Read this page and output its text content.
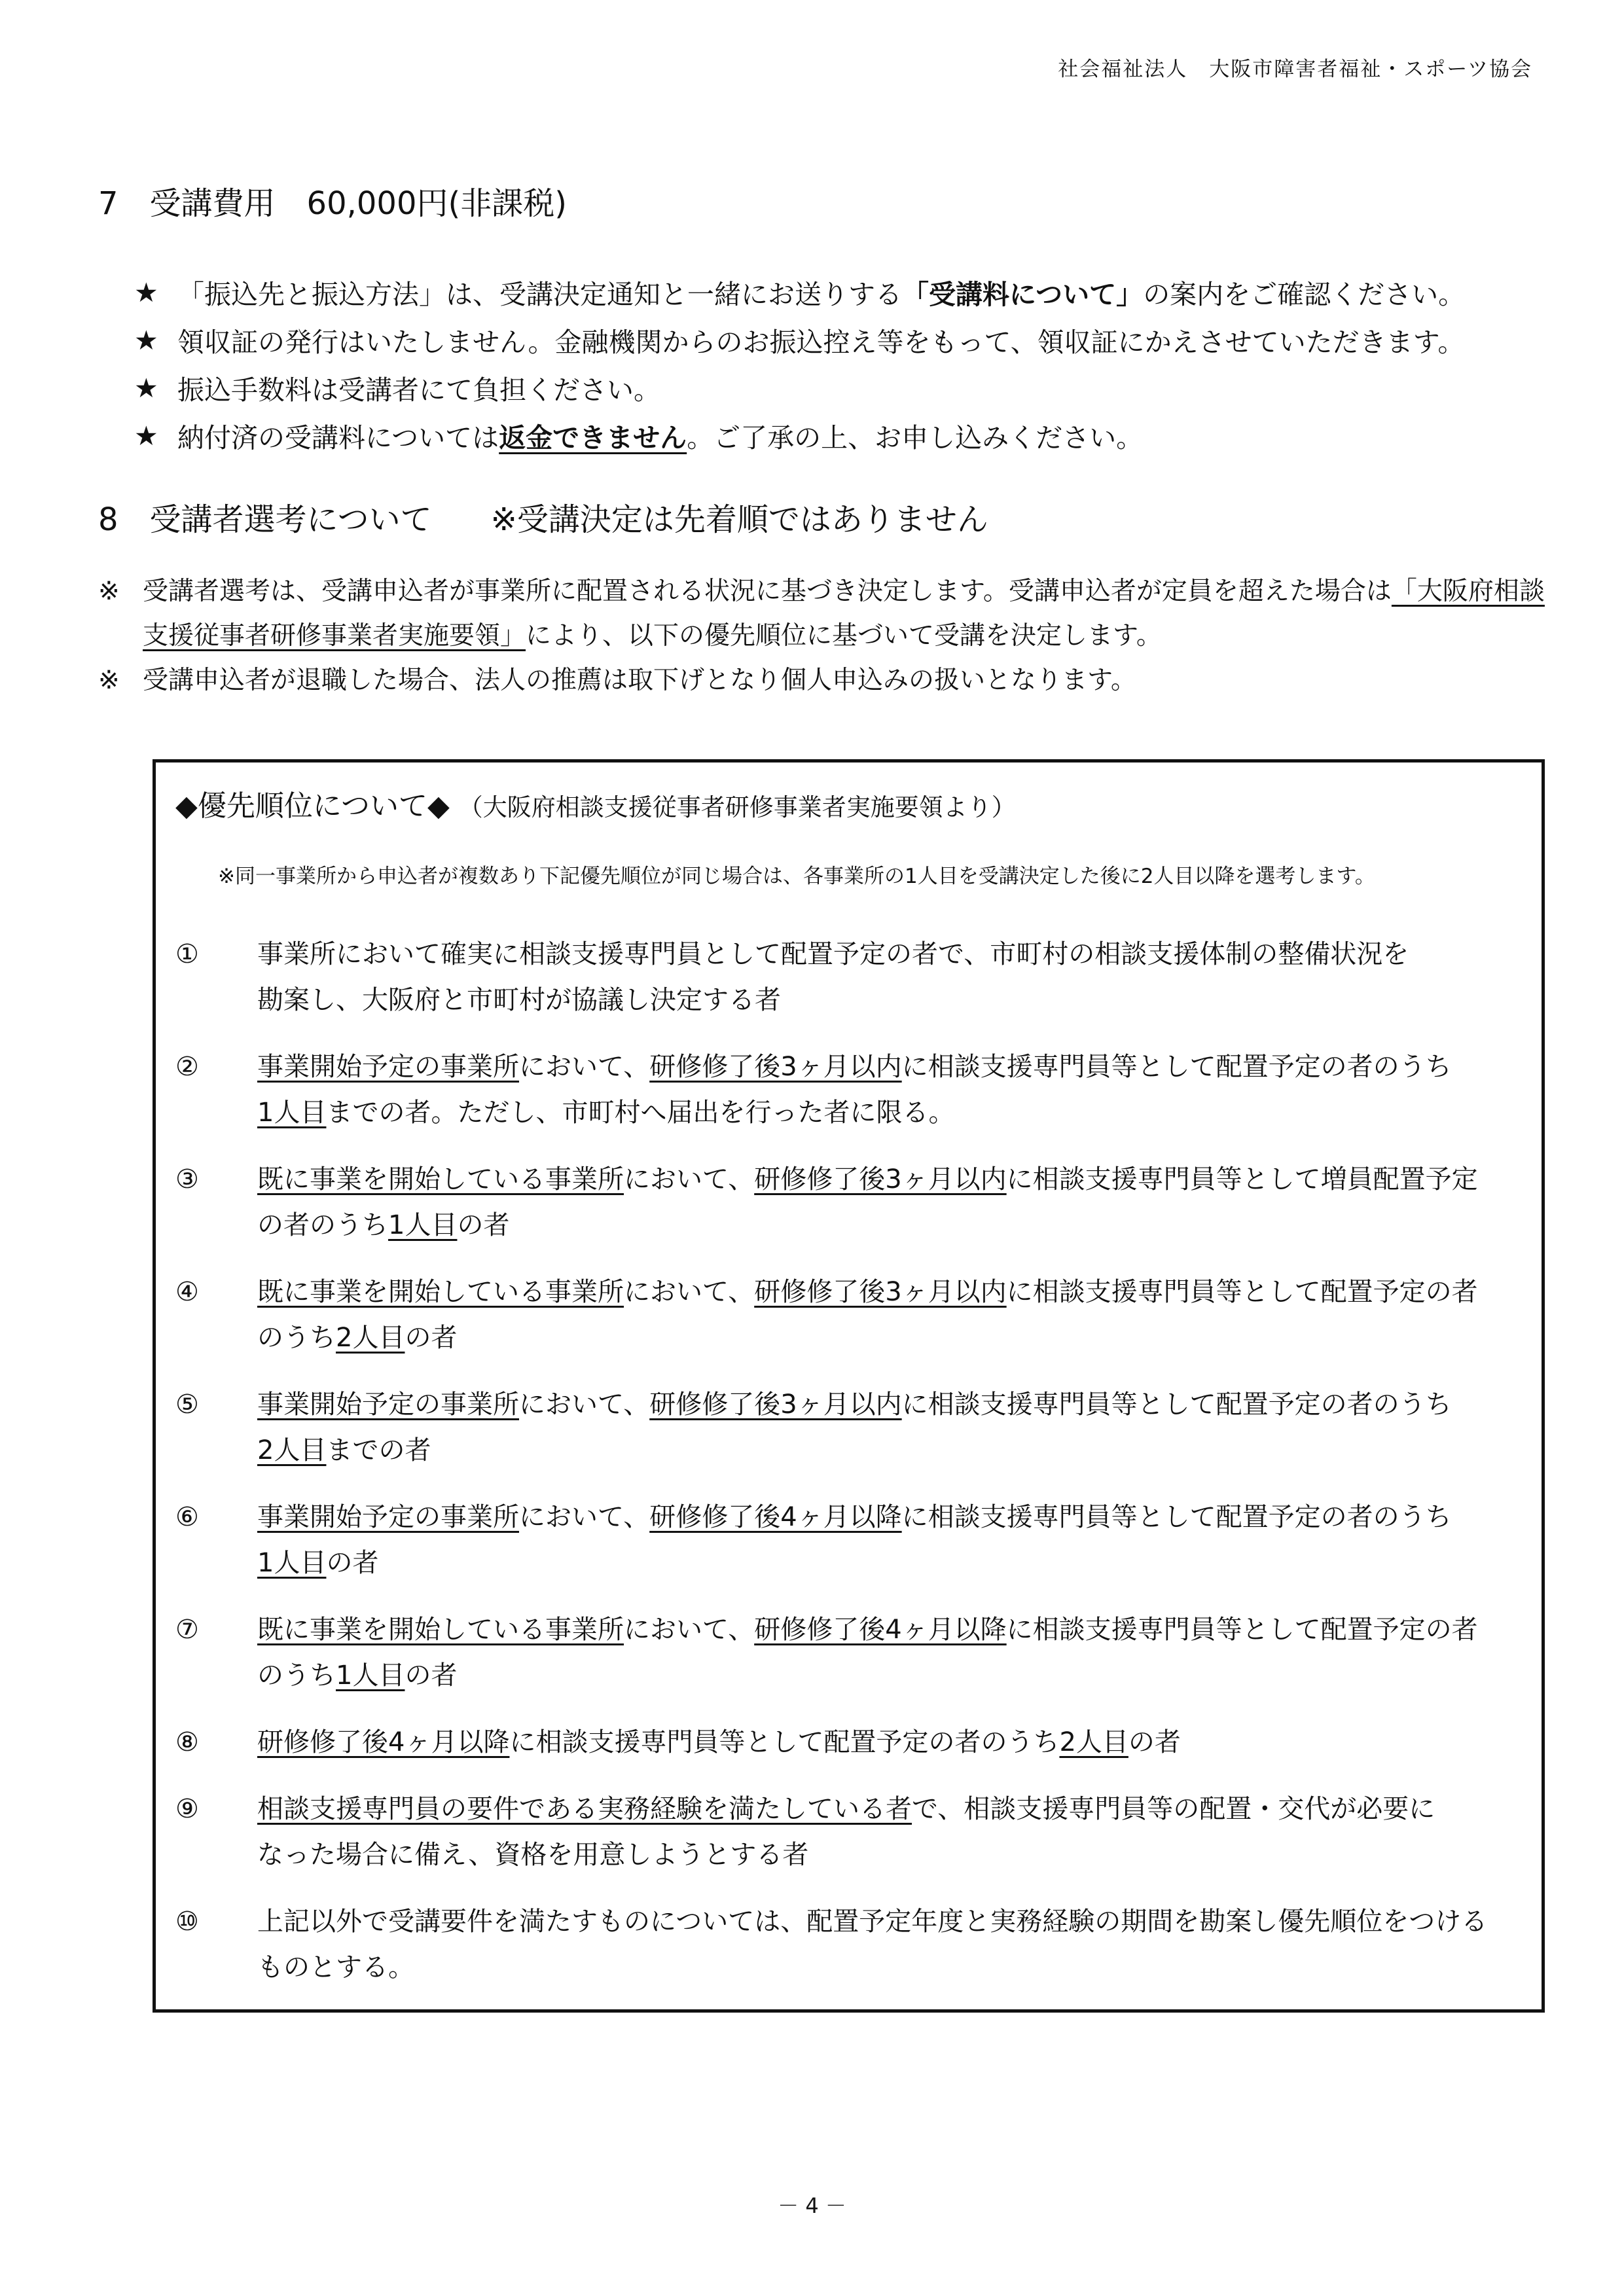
社会福祉法人　大阪市障害者福祉・スポーツ協会
7　受講費用　60,000円(非課税)
★ 「振込先と振込方法」は、受講決定通知と一緒にお送りする 「受講料について」 の案内をご確認ください。
★ 領収証の発行はいたしません。金融機関からのお振込控え等をもって、領収証にかえさせていただきます。
★ 振込手数料は受講者にて負担ください。
★ 納付済の受講料については 返金できません 。ご了承の上、お申し込みください。
8　受講者選考について ※受講決定は先着順ではありません
※ 受講者選考は、受講申込者が事業所に配置される状況に基づき決定します。受講申込者が定員を超えた場合は「大阪府相談
支援従事者研修事業者実施要領」により、以下の優先順位に基づいて受講を決定します。
※ 受講申込者が退職した場合、法人の推薦は取下げとなり個人申込みの扱いとなります。
◆優先順位について◆ （大阪府相談支援従事者研修事業者実施要領より）
※同一事業所から申込者が複数あり下記優先順位が同じ場合は、各事業所の1人目を受講決定した後に2人目以降を選考します。
①	事業所において確実に相談支援専門員として配置予定の者で、市町村の相談支援体制の整備状況を
勘案し、大阪府と市町村が協議し決定する者
②	事業開始予定の事業所において、研修修了後3ヶ月以内に相談支援専門員等として配置予定の者のうち
1人目までの者。ただし、市町村へ届出を行った者に限る。
③	既に事業を開始している事業所において、研修修了後3ヶ月以内に相談支援専門員等として増員配置予定
の者のうち1人目の者
④	既に事業を開始している事業所において、研修修了後3ヶ月以内に相談支援専門員等として配置予定の者
のうち2人目の者
⑤	事業開始予定の事業所において、研修修了後3ヶ月以内に相談支援専門員等として配置予定の者のうち
2人目までの者
⑥	事業開始予定の事業所において、研修修了後4ヶ月以降に相談支援専門員等として配置予定の者のうち
1人目の者
⑦	既に事業を開始している事業所において、研修修了後4ヶ月以降に相談支援専門員等として配置予定の者
のうち1人目の者
⑧	研修修了後4ヶ月以降に相談支援専門員等として配置予定の者のうち2人目の者
⑨	相談支援専門員の要件である実務経験を満たしている者で、相談支援専門員等の配置・交代が必要に
なった場合に備え、資格を用意しようとする者
⑩	上記以外で受講要件を満たすものについては、配置予定年度と実務経験の期間を勘案し優先順位をつける
ものとする。
－ 4 －
